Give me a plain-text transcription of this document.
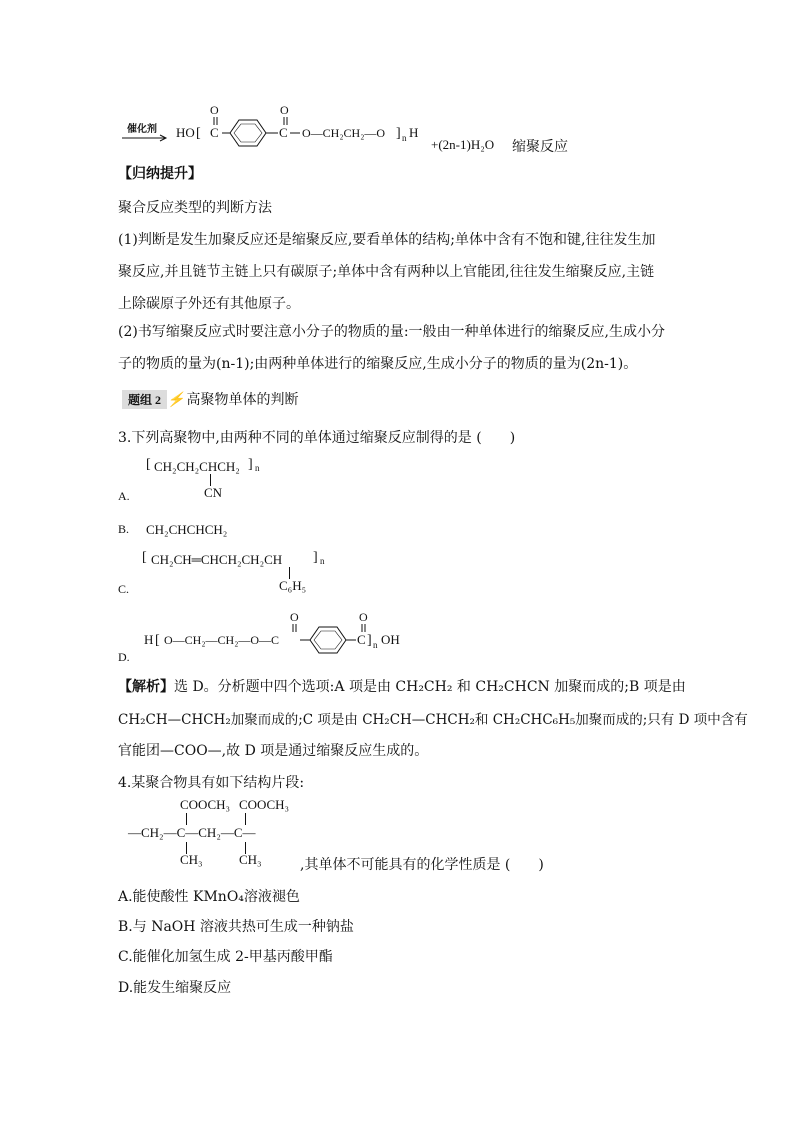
催化剂 HO [ C
O
C
O
O—CH₂CH₂—O ] n H
+(2n-1)H₂O 缩聚反应
【归纳提升】
聚合反应类型的判断方法
(1)判断是发生加聚反应还是缩聚反应,要看单体的结构;单体中含有不饱和键,往往发生加
聚反应,并且链节主链上只有碳原子;单体中含有两种以上官能团,往往发生缩聚反应,主链
上除碳原子外还有其他原子。
(2)书写缩聚反应式时要注意小分子的物质的量:一般由一种单体进行的缩聚反应,生成小分
子的物质的量为(n-1);由两种单体进行的缩聚反应,生成小分子的物质的量为(2n-1)。
题组 2 ⚡ 高聚物单体的判断
3.下列高聚物中,由两种不同的单体通过缩聚反应制得的是 (　　)
[ CH₂CH₂CHCH₂ ] n
CN
A.
B. CH₂CHCHCH₂
[ CH₂CH═CHCH₂CH₂CH ] n
C₆H₅
C.
H [ O—CH₂—CH₂—O—C
O
C
O
] n OH
D.
【解析】选 D。分析题中四个选项:A 项是由 CH₂CH₂ 和 CH₂CHCN 加聚而成的;B 项是由
CH₂CH—CHCH₂加聚而成的;C 项是由 CH₂CH—CHCH₂和 CH₂CHC₆H₅加聚而成的;只有 D 项中含有
官能团—COO—,故 D 项是通过缩聚反应生成的。
4.某聚合物具有如下结构片段:
COOCH₃ COOCH₃
—CH₂—C—CH₂—C—
CH₃	CH₃	,其单体不可能具有的化学性质是 (　　)
A.能使酸性 KMnO₄溶液褪色
B.与 NaOH 溶液共热可生成一种钠盐
C.能催化加氢生成 2-甲基丙酸甲酯
D.能发生缩聚反应
